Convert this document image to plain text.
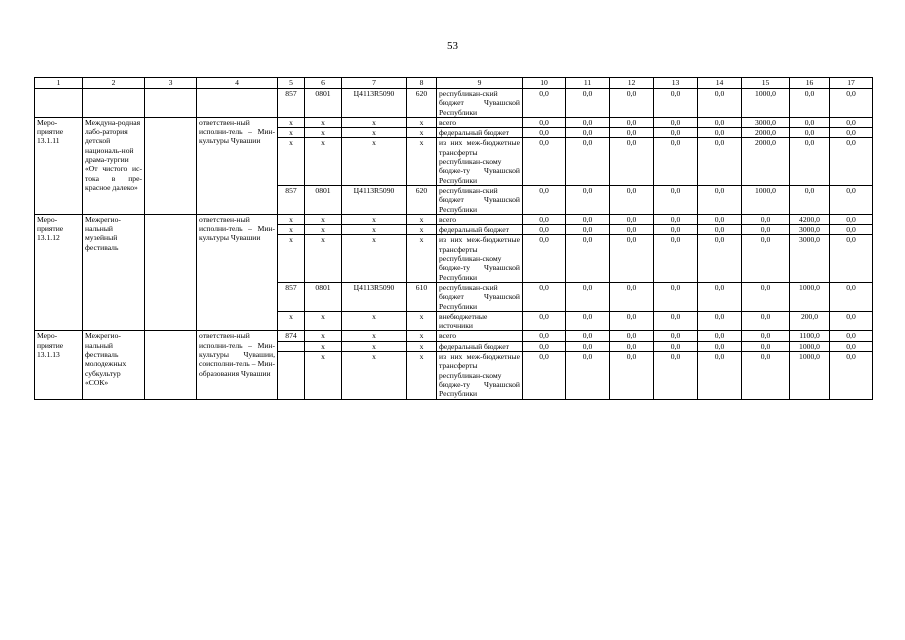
53
1	2	3	4	5	6	7	8	9	10	11	12	13	14	15	16	17
				857	0801	Ц4113R5090	620	республикан-ский бюджет Чувашской Республики	0,0	0,0	0,0	0,0	0,0	1000,0	0,0	0,0
Меро-приятие 13.1.11	Междуна-родная лабо-ратория детской националь-ной драма-тургии «От чистого ис-тока в пре-красное далеко»		ответствен-ный исполни-тель – Мин-культуры Чувашии	x	x	x	x	всего	0,0	0,0	0,0	0,0	0,0	3000,0	0,0	0,0
				x	x	x	x	федеральный бюджет	0,0	0,0	0,0	0,0	0,0	2000,0	0,0	0,0
				x	x	x	x	из них меж-бюджетные трансферты республикан-скому бюдже-ту Чувашской Республики	0,0	0,0	0,0	0,0	0,0	2000,0	0,0	0,0
				857	0801	Ц4113R5090	620	республикан-ский бюджет Чувашской Республики	0,0	0,0	0,0	0,0	0,0	1000,0	0,0	0,0
Меро-приятие 13.1.12	Межрегио-нальный музейный фестиваль		ответствен-ный исполни-тель – Мин-культуры Чувашии	x	x	x	x	всего	0,0	0,0	0,0	0,0	0,0	0,0	4200,0	0,0
				x	x	x	x	федеральный бюджет	0,0	0,0	0,0	0,0	0,0	0,0	3000,0	0,0
				x	x	x	x	из них меж-бюджетные трансферты республикан-скому бюдже-ту Чувашской Республики	0,0	0,0	0,0	0,0	0,0	0,0	3000,0	0,0
				857	0801	Ц4113R5090	610	республикан-ский бюджет Чувашской Республики	0,0	0,0	0,0	0,0	0,0	0,0	1000,0	0,0
				x	x	x	x	внебюджетные источники	0,0	0,0	0,0	0,0	0,0	0,0	200,0	0,0
Меро-приятие 13.1.13	Межрегио-нальный фестиваль молодежных субкультур «СОК»		ответствен-ный исполни-тель – Мин-культуры Чувашии, соисполни-тель – Мин-образования Чувашии	874	x	x	x	всего	0,0	0,0	0,0	0,0	0,0	0,0	1100,0	0,0
					x	x	x	федеральный бюджет	0,0	0,0	0,0	0,0	0,0	0,0	1000,0	0,0
					x	x	x	из них меж-бюджетные трансферты республикан-скому бюдже-ту Чувашской Республики	0,0	0,0	0,0	0,0	0,0	0,0	1000,0	0,0
